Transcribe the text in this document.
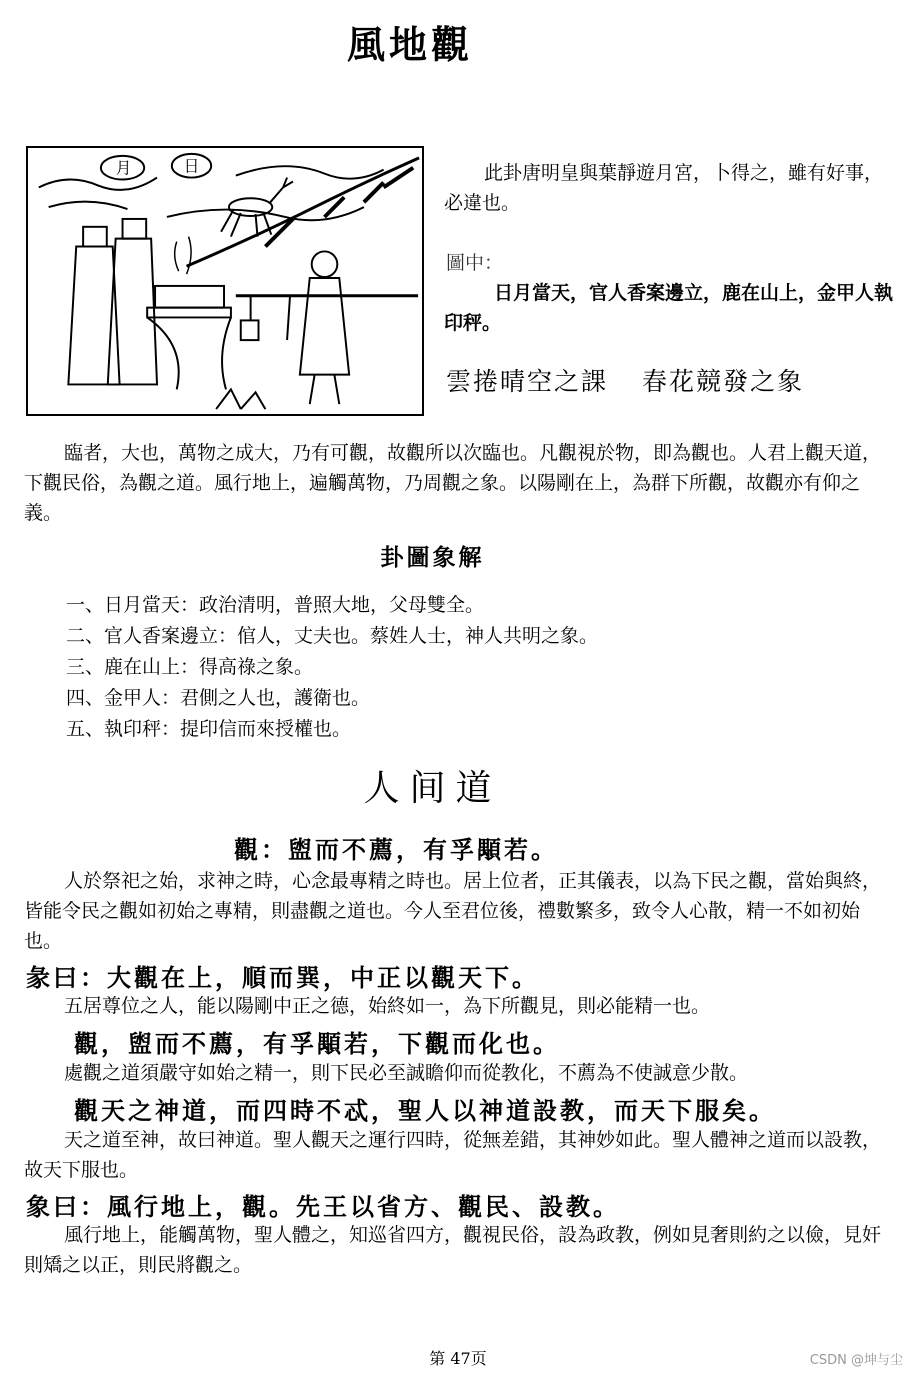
風地觀
月	日	此卦唐明皇與葉靜遊月宮，卜得之，雖有好事，必違也。
圖中：
日月當天，官人香案邊立，鹿在山上，金甲人執印秤。
雲捲晴空之課 春花競發之象
臨者，大也，萬物之成大，乃有可觀，故觀所以次臨也。凡觀視於物，即為觀也。人君上觀天道，下觀民俗，為觀之道。風行地上，遍觸萬物，乃周觀之象。以陽剛在上，為群下所觀，故觀亦有仰之義。
卦圖象解
一、日月當天：政治清明，普照大地，父母雙全。
二、官人香案邊立：倌人，丈夫也。蔡姓人士，神人共明之象。
三、鹿在山上：得高祿之象。
四、金甲人：君側之人也，護衛也。
五、執印秤：提印信而來授權也。
人间道
觀：盥而不薦，有孚顒若。
人於祭祀之始，求神之時，心念最專精之時也。居上位者，正其儀表，以為下民之觀，當始與終，皆能令民之觀如初始之專精，則盡觀之道也。今人至君位後，禮數繁多，致令人心散，精一不如初始也。
彖曰：大觀在上，順而巽，中正以觀天下。
五居尊位之人，能以陽剛中正之德，始終如一，為下所觀見，則必能精一也。
觀，盥而不薦，有孚顒若，下觀而化也。
處觀之道須嚴守如始之精一，則下民必至誠瞻仰而從教化，不薦為不使誠意少散。
觀天之神道，而四時不忒，聖人以神道設教，而天下服矣。
天之道至神，故曰神道。聖人觀天之運行四時，從無差錯，其神妙如此。聖人體神之道而以設教，故天下服也。
象曰：風行地上，觀。先王以省方、觀民、設教。
風行地上，能觸萬物，聖人體之，知巡省四方，觀視民俗，設為政教，例如見奢則約之以儉，見奸則矯之以正，則民將觀之。
第 47页	CSDN @坤与尘
